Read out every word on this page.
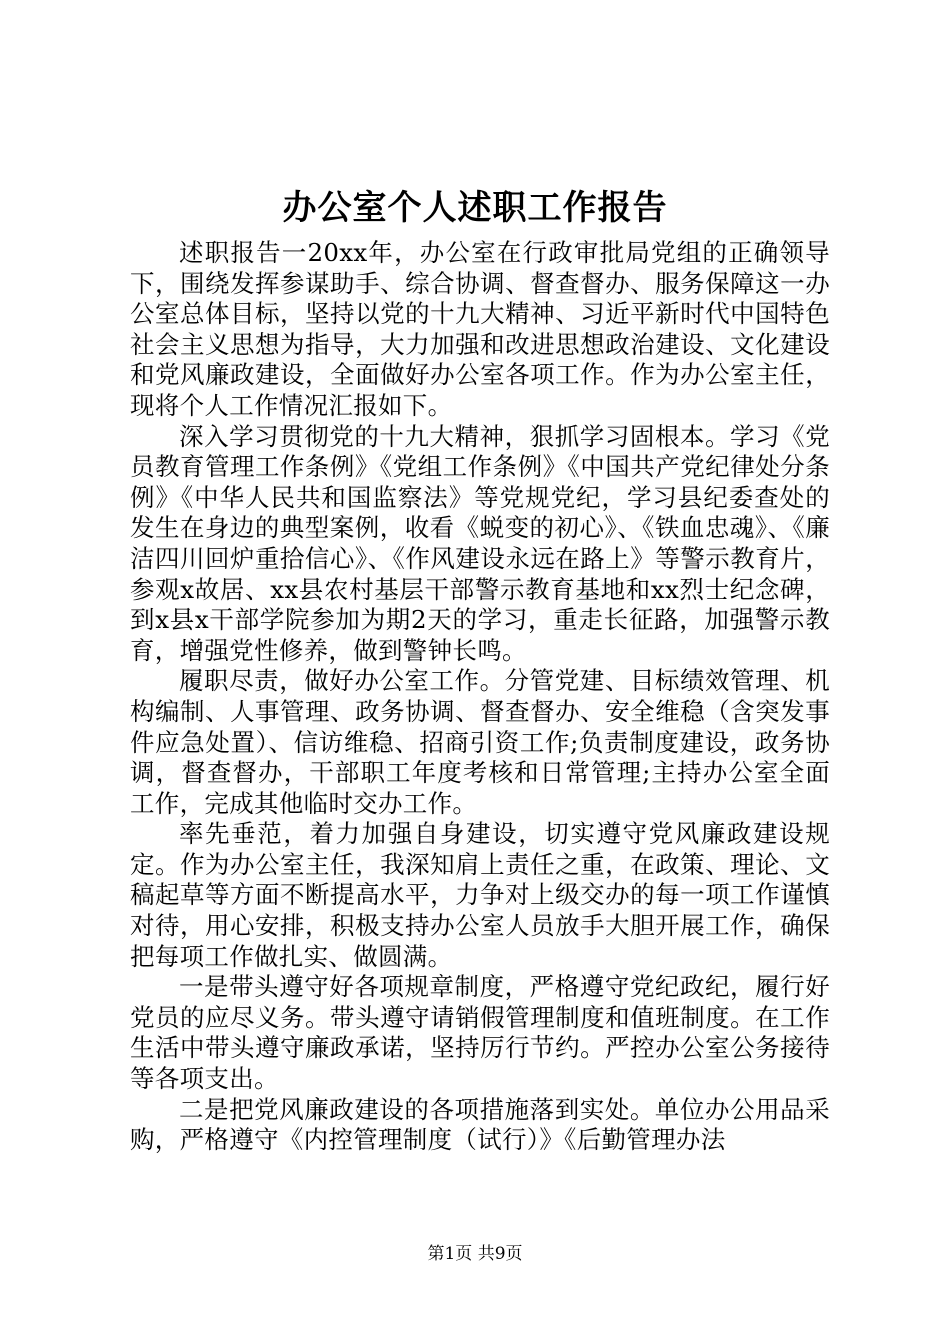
办公室个人述职工作报告

述职报告一20xx年，办公室在行政审批局党组的正确领导下，围绕发挥参谋助手、综合协调、督查督办、服务保障这一办公室总体目标，坚持以党的十九大精神、习近平新时代中国特色社会主义思想为指导，大力加强和改进思想政治建设、文化建设和党风廉政建设，全面做好办公室各项工作。作为办公室主任，现将个人工作情况汇报如下。

深入学习贯彻党的十九大精神，狠抓学习固根本。学习《党员教育管理工作条例》《党组工作条例》《中国共产党纪律处分条例》《中华人民共和国监察法》等党规党纪，学习县纪委查处的发生在身边的典型案例，收看《蜕变的初心》、《铁血忠魂》、《廉洁四川回炉重拾信心》、《作风建设永远在路上》等警示教育片，参观x故居、xx县农村基层干部警示教育基地和xx烈士纪念碑，到x县x干部学院参加为期2天的学习，重走长征路，加强警示教育，增强党性修养，做到警钟长鸣。

履职尽责，做好办公室工作。分管党建、目标绩效管理、机构编制、人事管理、政务协调、督查督办、安全维稳（含突发事件应急处置）、信访维稳、招商引资工作;负责制度建设，政务协调，督查督办，干部职工年度考核和日常管理;主持办公室全面工作，完成其他临时交办工作。

率先垂范，着力加强自身建设，切实遵守党风廉政建设规定。作为办公室主任，我深知肩上责任之重，在政策、理论、文稿起草等方面不断提高水平，力争对上级交办的每一项工作谨慎对待，用心安排，积极支持办公室人员放手大胆开展工作，确保把每项工作做扎实、做圆满。

一是带头遵守好各项规章制度，严格遵守党纪政纪，履行好党员的应尽义务。带头遵守请销假管理制度和值班制度。在工作生活中带头遵守廉政承诺，坚持厉行节约。严控办公室公务接待等各项支出。

二是把党风廉政建设的各项措施落到实处。单位办公用品采购，严格遵守《内控管理制度（试行）》《后勤管理办法

第1页 共9页
